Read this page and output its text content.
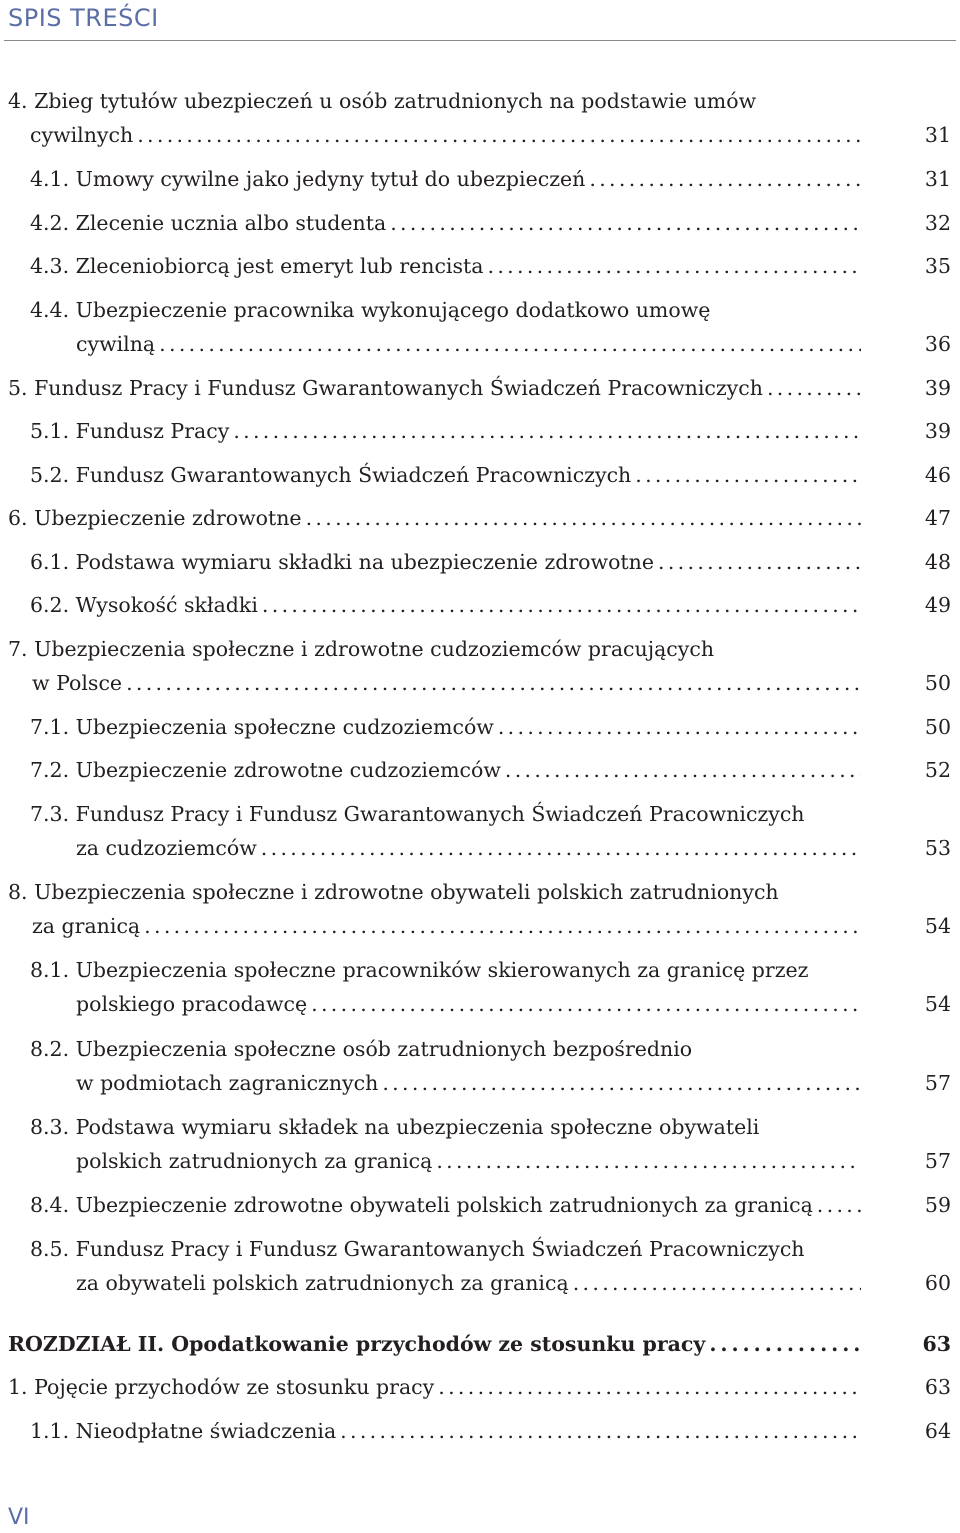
SPIS TREŚCI
4. Zbieg tytułów ubezpieczeń u osób zatrudnionych na podstawie umów
cywilnych . . .	31
4.1. Umowy cywilne jako jedyny tytuł do ubezpieczeń . . .	31
4.2. Zlecenie ucznia albo studenta . . .	32
4.3. Zleceniobiorcą jest emeryt lub rencista . . .	35
4.4. Ubezpieczenie pracownika wykonującego dodatkowo umowę
cywilną . . .	36
5. Fundusz Pracy i Fundusz Gwarantowanych Świadczeń Pracowniczych . . .	39
5.1. Fundusz Pracy . . .	39
5.2. Fundusz Gwarantowanych Świadczeń Pracowniczych . . .	46
6. Ubezpieczenie zdrowotne . . .	47
6.1. Podstawa wymiaru składki na ubezpieczenie zdrowotne . . .	48
6.2. Wysokość składki . . .	49
7. Ubezpieczenia społeczne i zdrowotne cudzoziemców pracujących
w Polsce . . .	50
7.1. Ubezpieczenia społeczne cudzoziemców . . .	50
7.2. Ubezpieczenie zdrowotne cudzoziemców . . .	52
7.3. Fundusz Pracy i Fundusz Gwarantowanych Świadczeń Pracowniczych
za cudzoziemców . . .	53
8. Ubezpieczenia społeczne i zdrowotne obywateli polskich zatrudnionych
za granicą . . .	54
8.1. Ubezpieczenia społeczne pracowników skierowanych za granicę przez
polskiego pracodawcę . . .	54
8.2. Ubezpieczenia społeczne osób zatrudnionych bezpośrednio
w podmiotach zagranicznych . . .	57
8.3. Podstawa wymiaru składek na ubezpieczenia społeczne obywateli
polskich zatrudnionych za granicą . . .	57
8.4. Ubezpieczenie zdrowotne obywateli polskich zatrudnionych za granicą . . .	59
8.5. Fundusz Pracy i Fundusz Gwarantowanych Świadczeń Pracowniczych
za obywateli polskich zatrudnionych za granicą . . .	60
ROZDZIAŁ II. Opodatkowanie przychodów ze stosunku pracy . . .	63
1. Pojęcie przychodów ze stosunku pracy . . .	63
1.1. Nieodpłatne świadczenia . . .	64
VI
